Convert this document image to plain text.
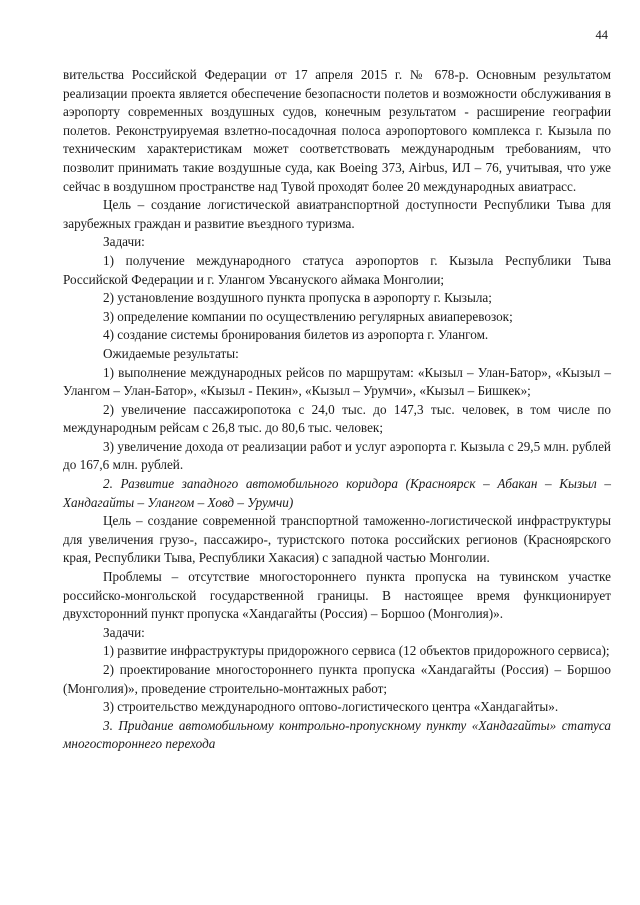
44

вительства Российской Федерации от 17 апреля 2015 г. № 678-р. Основным результатом реализации проекта является обеспечение безопасности полетов и возможности обслуживания в аэропорту современных воздушных судов, конечным результатом - расширение географии полетов. Реконструируемая взлетно-посадочная полоса аэропортового комплекса г. Кызыла по техническим характеристикам может соответствовать международным требованиям, что позволит принимать такие воздушные суда, как Boeing 373, Airbus, ИЛ – 76, учитывая, что уже сейчас в воздушном пространстве над Тувой проходят более 20 международных авиатрасс.

Цель – создание логистической авиатранспортной доступности Республики Тыва для зарубежных граждан и развитие въездного туризма.

Задачи:

1) получение международного статуса аэропортов г. Кызыла Республики Тыва Российской Федерации и г. Улангом Увсануского аймака Монголии;

2) установление воздушного пункта пропуска в аэропорту г. Кызыла;

3) определение компании по осуществлению регулярных авиаперевозок;

4) создание системы бронирования билетов из аэропорта г. Улангом.

Ожидаемые результаты:

1) выполнение международных рейсов по маршрутам: «Кызыл – Улан-Батор», «Кызыл – Улангом – Улан-Батор», «Кызыл - Пекин», «Кызыл – Урумчи», «Кызыл – Бишкек»;

2) увеличение пассажиропотока с 24,0 тыс. до 147,3 тыс. человек, в том числе по международным рейсам с 26,8 тыс. до 80,6 тыс. человек;

3) увеличение дохода от реализации работ и услуг аэропорта г. Кызыла с 29,5 млн. рублей до 167,6 млн. рублей.

2. Развитие западного автомобильного коридора (Красноярск – Абакан – Кызыл – Хандагайты – Улангом – Ховд – Урумчи)

Цель – создание современной транспортной таможенно-логистической инфраструктуры для увеличения грузо-, пассажиро-, туристского потока российских регионов (Красноярского края, Республики Тыва, Республики Хакасия) с западной частью Монголии.

Проблемы – отсутствие многостороннего пункта пропуска на тувинском участке российско-монгольской государственной границы. В настоящее время функционирует двухсторонний пункт пропуска «Хандагайты (Россия) – Боршоо (Монголия)».

Задачи:

1) развитие инфраструктуры придорожного сервиса (12 объектов придорожного сервиса);

2) проектирование многостороннего пункта пропуска «Хандагайты (Россия) – Боршоо (Монголия)», проведение строительно-монтажных работ;

3) строительство международного оптово-логистического центра «Хандагайты».

3. Придание автомобильному контрольно-пропускному пункту «Хандагайты» статуса многостороннего перехода
